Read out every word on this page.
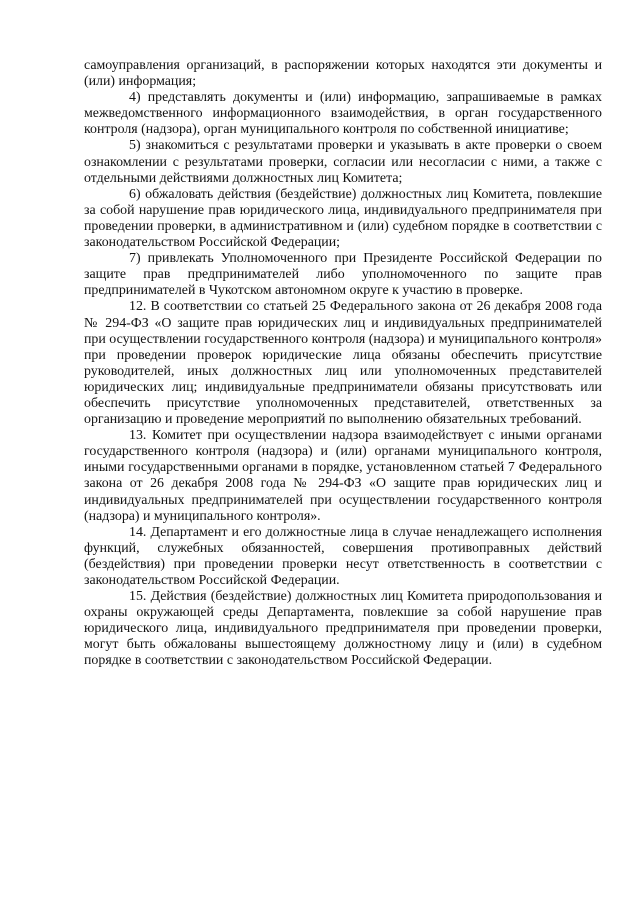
самоуправления организаций, в распоряжении которых находятся эти документы и (или) информация;

4) представлять документы и (или) информацию, запрашиваемые в рамках межведомственного информационного взаимодействия, в орган государственного контроля (надзора), орган муниципального контроля по собственной инициативе;

5) знакомиться с результатами проверки и указывать в акте проверки о своем ознакомлении с результатами проверки, согласии или несогласии с ними, а также с отдельными действиями должностных лиц Комитета;

6) обжаловать действия (бездействие) должностных лиц Комитета, повлекшие за собой нарушение прав юридического лица, индивидуального предпринимателя при проведении проверки, в административном и (или) судебном порядке в соответствии с законодательством Российской Федерации;

7) привлекать Уполномоченного при Президенте Российской Федерации по защите прав предпринимателей либо уполномоченного по защите прав предпринимателей в Чукотском автономном округе к участию в проверке.

12. В соответствии со статьей 25 Федерального закона от 26 декабря 2008 года № 294-ФЗ «О защите прав юридических лиц и индивидуальных предпринимателей при осуществлении государственного контроля (надзора) и муниципального контроля» при проведении проверок юридические лица обязаны обеспечить присутствие руководителей, иных должностных лиц или уполномоченных представителей юридических лиц; индивидуальные предприниматели обязаны присутствовать или обеспечить присутствие уполномоченных представителей, ответственных за организацию и проведение мероприятий по выполнению обязательных требований.

13. Комитет при осуществлении надзора взаимодействует с иными органами государственного контроля (надзора) и (или) органами муниципального контроля, иными государственными органами в порядке, установленном статьей 7 Федерального закона от 26 декабря 2008 года № 294-ФЗ «О защите прав юридических лиц и индивидуальных предпринимателей при осуществлении государственного контроля (надзора) и муниципального контроля».

14. Департамент и его должностные лица в случае ненадлежащего исполнения функций, служебных обязанностей, совершения противоправных действий (бездействия) при проведении проверки несут ответственность в соответствии с законодательством Российской Федерации.

15. Действия (бездействие) должностных лиц Комитета природопользования и охраны окружающей среды Департамента, повлекшие за собой нарушение прав юридического лица, индивидуального предпринимателя при проведении проверки, могут быть обжалованы вышестоящему должностному лицу и (или) в судебном порядке в соответствии с законодательством Российской Федерации.
